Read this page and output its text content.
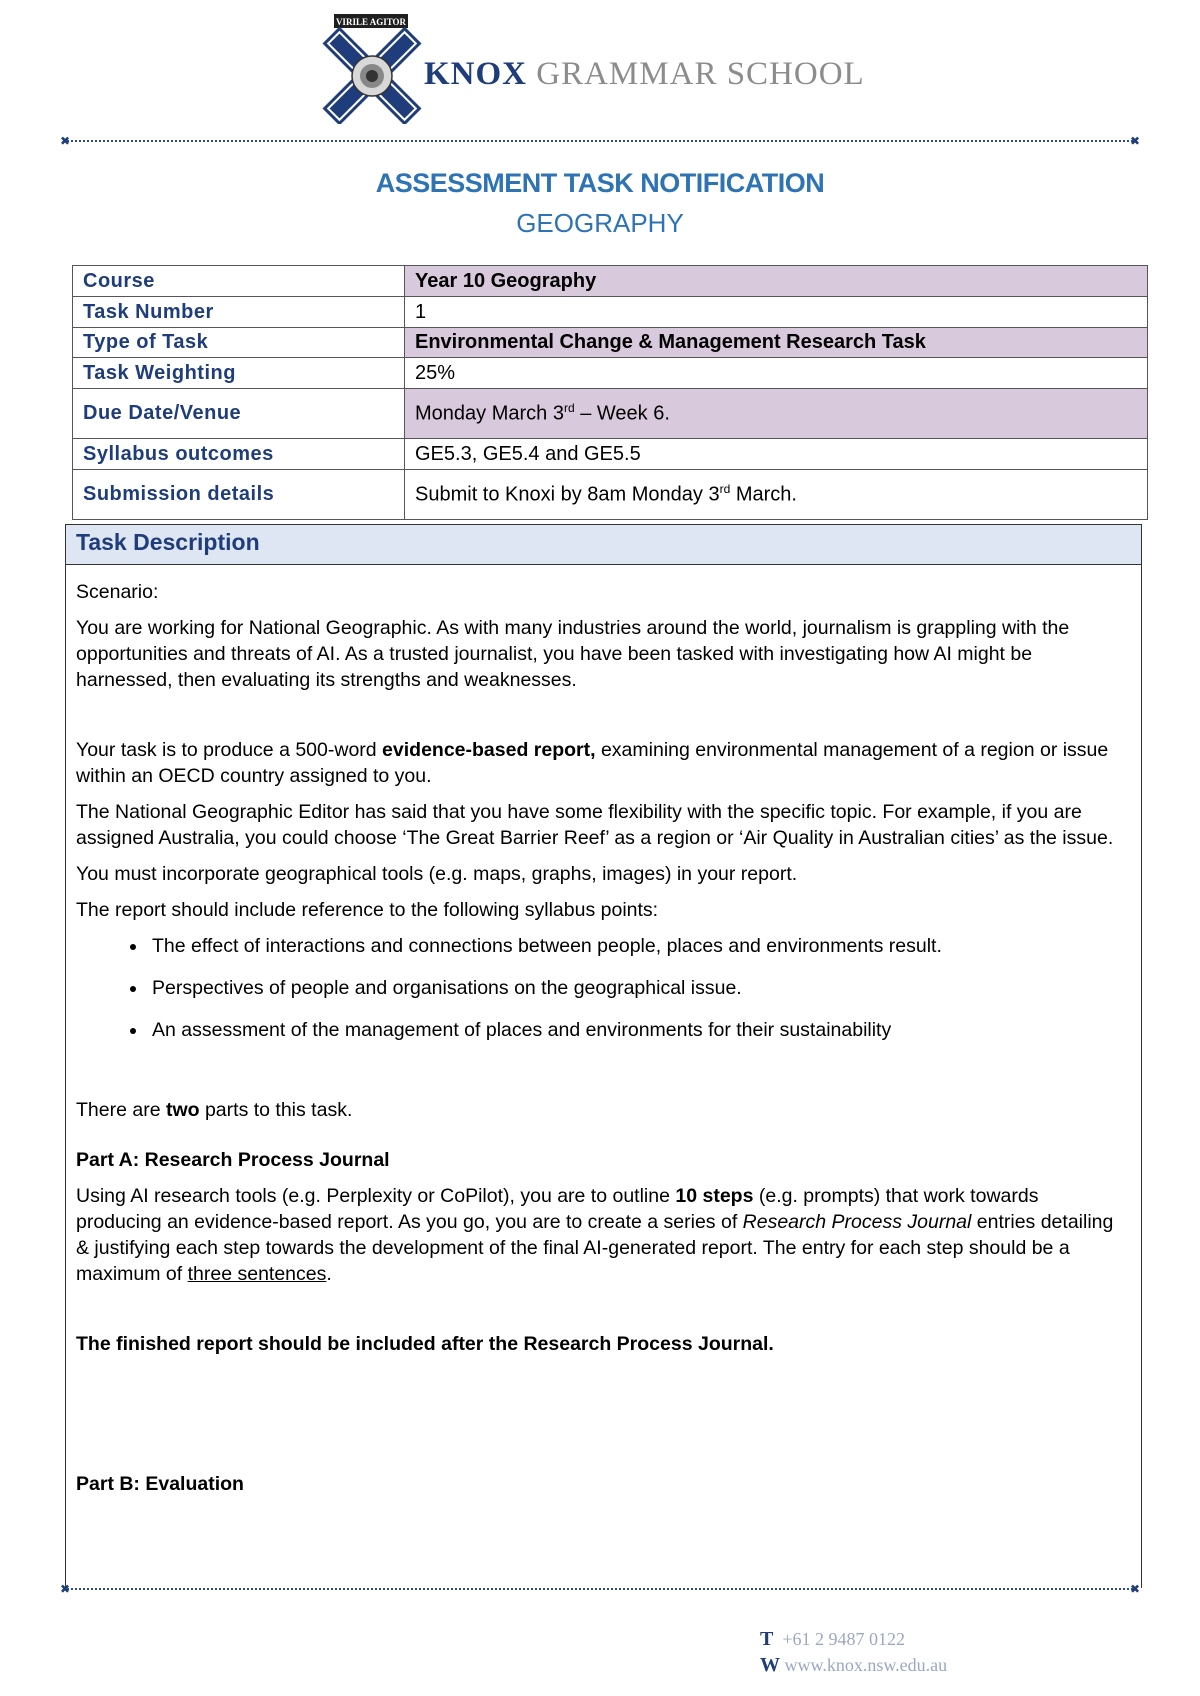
VIRILE AGITOR
KNOX GRAMMAR SCHOOL
✖	✖
ASSESSMENT TASK NOTIFICATION
GEOGRAPHY
Course	Year 10 Geography
Task Number	1
Type of Task	Environmental Change & Management Research Task
Task Weighting	25%
Due Date/Venue	Monday March 3rd – Week 6.
Syllabus outcomes	GE5.3, GE5.4 and GE5.5
Submission details	Submit to Knoxi by 8am Monday 3rd March.
Task Description

Scenario:

You are working for National Geographic. As with many industries around the world, journalism is grappling with the opportunities and threats of AI. As a trusted journalist, you have been tasked with investigating how AI might be harnessed, then evaluating its strengths and weaknesses.

Your task is to produce a 500-word evidence-based report, examining environmental management of a region or issue within an OECD country assigned to you.

The National Geographic Editor has said that you have some flexibility with the specific topic. For example, if you are assigned Australia, you could choose ‘The Great Barrier Reef’ as a region or ‘Air Quality in Australian cities’ as the issue.

You must incorporate geographical tools (e.g. maps, graphs, images) in your report.

The report should include reference to the following syllabus points:

• The effect of interactions and connections between people, places and environments result.
• Perspectives of people and organisations on the geographical issue.
• An assessment of the management of places and environments for their sustainability

There are two parts to this task.

Part A: Research Process Journal

Using AI research tools (e.g. Perplexity or CoPilot), you are to outline 10 steps (e.g. prompts) that work towards producing an evidence-based report. As you go, you are to create a series of Research Process Journal entries detailing & justifying each step towards the development of the final AI-generated report. The entry for each step should be a maximum of three sentences.

The finished report should be included after the Research Process Journal.

Part B: Evaluation

✖	✖
T +61 2 9487 0122
W www.knox.nsw.edu.au
